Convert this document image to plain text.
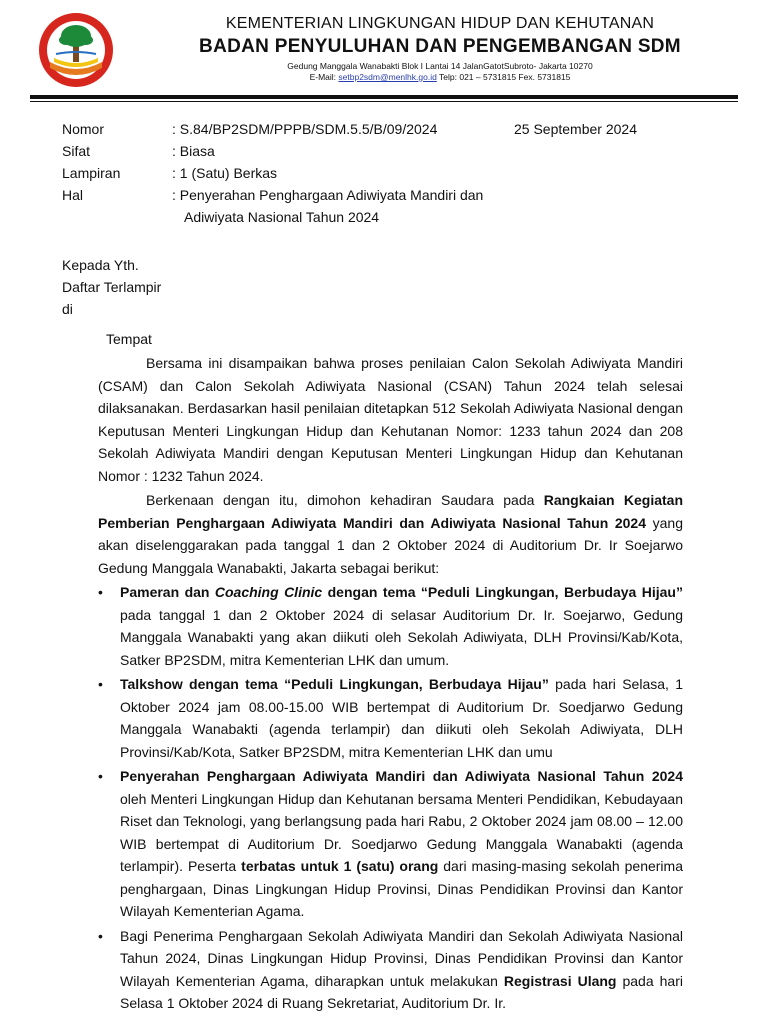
KEMENTERIAN LINGKUNGAN HIDUP DAN KEHUTANAN
BADAN PENYULUHAN DAN PENGEMBANGAN SDM
Gedung Manggala Wanabakti Blok I Lantai 14 JalanGatotSubroto- Jakarta 10270
E-Mail: setbp2sdm@menlhk.go.id Telp: 021 – 5731815 Fex. 5731815
Nomor	: S.84/BP2SDM/PPPB/SDM.5.5/B/09/2024	25 September 2024
Sifat	: Biasa
Lampiran	: 1 (Satu) Berkas
Hal	: Penyerahan Penghargaan Adiwiyata Mandiri dan
Adiwiyata Nasional Tahun 2024
Kepada Yth.
Daftar Terlampir
di
Tempat

Bersama ini disampaikan bahwa proses penilaian Calon Sekolah Adiwiyata Mandiri (CSAM) dan Calon Sekolah Adiwiyata Nasional (CSAN) Tahun 2024 telah selesai dilaksanakan. Berdasarkan hasil penilaian ditetapkan 512 Sekolah Adiwiyata Nasional dengan Keputusan Menteri Lingkungan Hidup dan Kehutanan Nomor: 1233 tahun 2024 dan 208 Sekolah Adiwiyata Mandiri dengan Keputusan Menteri Lingkungan Hidup dan Kehutanan Nomor : 1232 Tahun 2024.

Berkenaan dengan itu, dimohon kehadiran Saudara pada Rangkaian Kegiatan Pemberian Penghargaan Adiwiyata Mandiri dan Adiwiyata Nasional Tahun 2024 yang akan diselenggarakan pada tanggal 1 dan 2 Oktober 2024 di Auditorium Dr. Ir Soejarwo Gedung Manggala Wanabakti, Jakarta sebagai berikut:

• Pameran dan Coaching Clinic dengan tema “Peduli Lingkungan, Berbudaya Hijau” pada tanggal 1 dan 2 Oktober 2024 di selasar Auditorium Dr. Ir. Soejarwo, Gedung Manggala Wanabakti yang akan diikuti oleh Sekolah Adiwiyata, DLH Provinsi/Kab/Kota, Satker BP2SDM, mitra Kementerian LHK dan umum.
• Talkshow dengan tema “Peduli Lingkungan, Berbudaya Hijau” pada hari Selasa, 1 Oktober 2024 jam 08.00-15.00 WIB bertempat di Auditorium Dr. Soedjarwo Gedung Manggala Wanabakti (agenda terlampir) dan diikuti oleh Sekolah Adiwiyata, DLH Provinsi/Kab/Kota, Satker BP2SDM, mitra Kementerian LHK dan umu
• Penyerahan Penghargaan Adiwiyata Mandiri dan Adiwiyata Nasional Tahun 2024 oleh Menteri Lingkungan Hidup dan Kehutanan bersama Menteri Pendidikan, Kebudayaan Riset dan Teknologi, yang berlangsung pada hari Rabu, 2 Oktober 2024 jam 08.00 – 12.00 WIB bertempat di Auditorium Dr. Soedjarwo Gedung Manggala Wanabakti (agenda terlampir). Peserta terbatas untuk 1 (satu) orang dari masing-masing sekolah penerima penghargaan, Dinas Lingkungan Hidup Provinsi, Dinas Pendidikan Provinsi dan Kantor Wilayah Kementerian Agama.
• Bagi Penerima Penghargaan Sekolah Adiwiyata Mandiri dan Sekolah Adiwiyata Nasional Tahun 2024, Dinas Lingkungan Hidup Provinsi, Dinas Pendidikan Provinsi dan Kantor Wilayah Kementerian Agama, diharapkan untuk melakukan Registrasi Ulang pada hari Selasa 1 Oktober 2024 di Ruang Sekretariat, Auditorium Dr. Ir.
